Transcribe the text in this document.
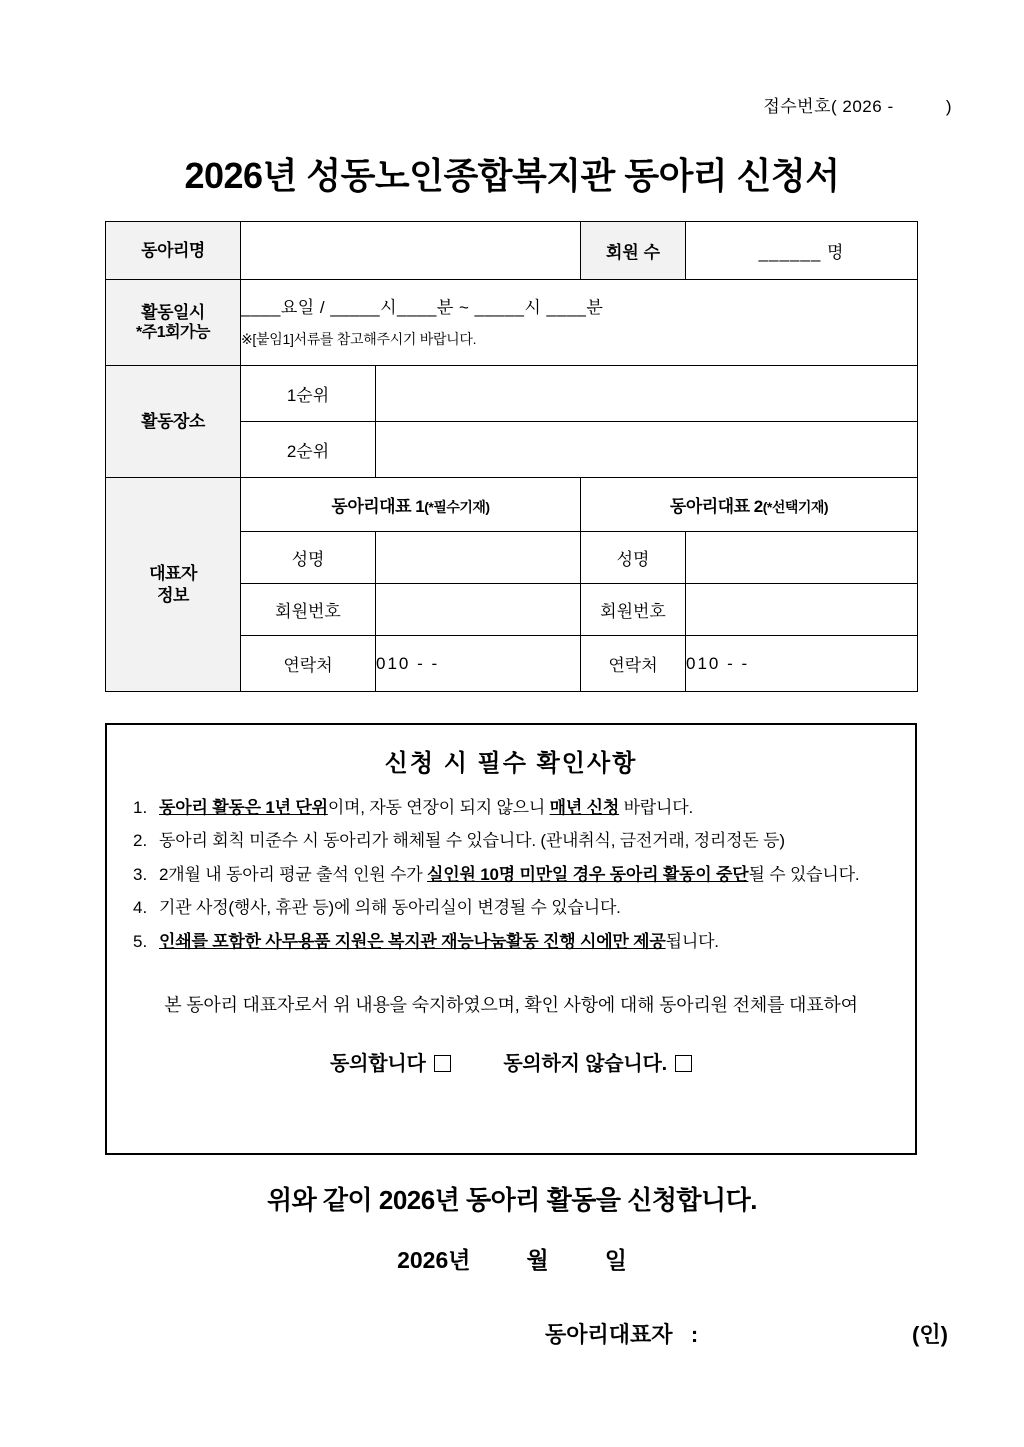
접수번호( 2026 -          )
2026년 성동노인종합복지관 동아리 신청서
동아리명			회원 수	______ 명
활동일시
*주1회가능

____요일 / _____시____분 ~ _____시 ____분
※[붙임1]서류를 참고해주시기 바랍니다.

활동장소	1순위			
	2순위			

대표자
정보	동아리대표 1(*필수기재)		동아리대표 2(*선택기재)	
	성명		성명	
	회원번호		회원번호	
	연락처	010 - -	연락처	010 - -
신청 시 필수 확인사항
1. 동아리 활동은 1년 단위이며, 자동 연장이 되지 않으니 매년 신청 바랍니다.
2. 동아리 회칙 미준수 시 동아리가 해체될 수 있습니다. (관내취식, 금전거래, 정리정돈 등)
3. 2개월 내 동아리 평균 출석 인원 수가 실인원 10명 미만일 경우 동아리 활동이 중단될 수 있습니다.
4. 기관 사정(행사, 휴관 등)에 의해 동아리실이 변경될 수 있습니다.
5. 인쇄를 포함한 사무용품 지원은 복지관 재능나눔활동 진행 시에만 제공됩니다.
본 동아리 대표자로서 위 내용을 숙지하였으며, 확인 사항에 대해 동아리원 전체를 대표하여
동의합니다	동의하지 않습니다.
위와 같이 2026년 동아리 활동을 신청합니다.
2026년 월 일
동아리대표자   :	(인)
